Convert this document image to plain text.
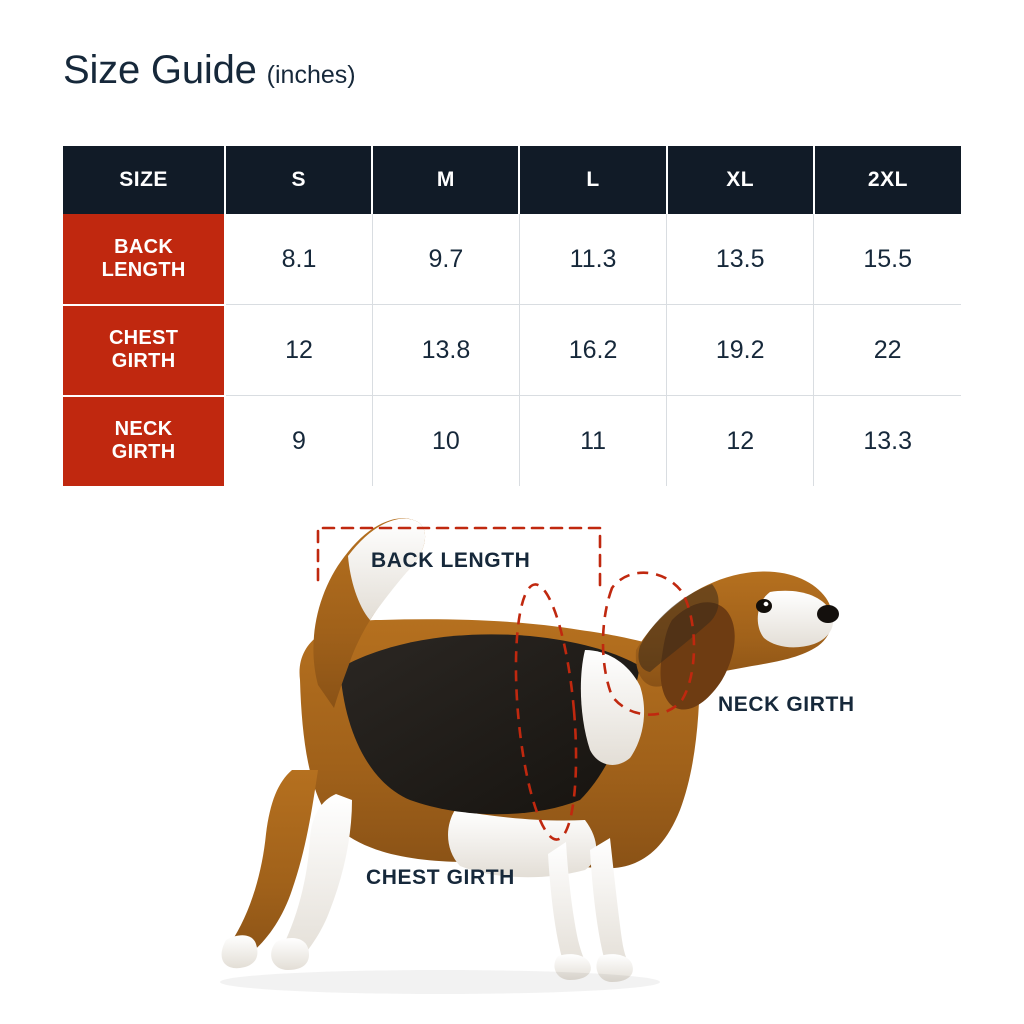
Size Guide (inches)
SIZE	S	M	L	XL	2XL

BACK
LENGTH	8.1	9.7	11.3	13.5	15.5

CHEST
GIRTH	12	13.8	16.2	19.2	22

NECK
GIRTH	9	10	11	12	13.3
BACK LENGTH
NECK GIRTH
CHEST GIRTH
